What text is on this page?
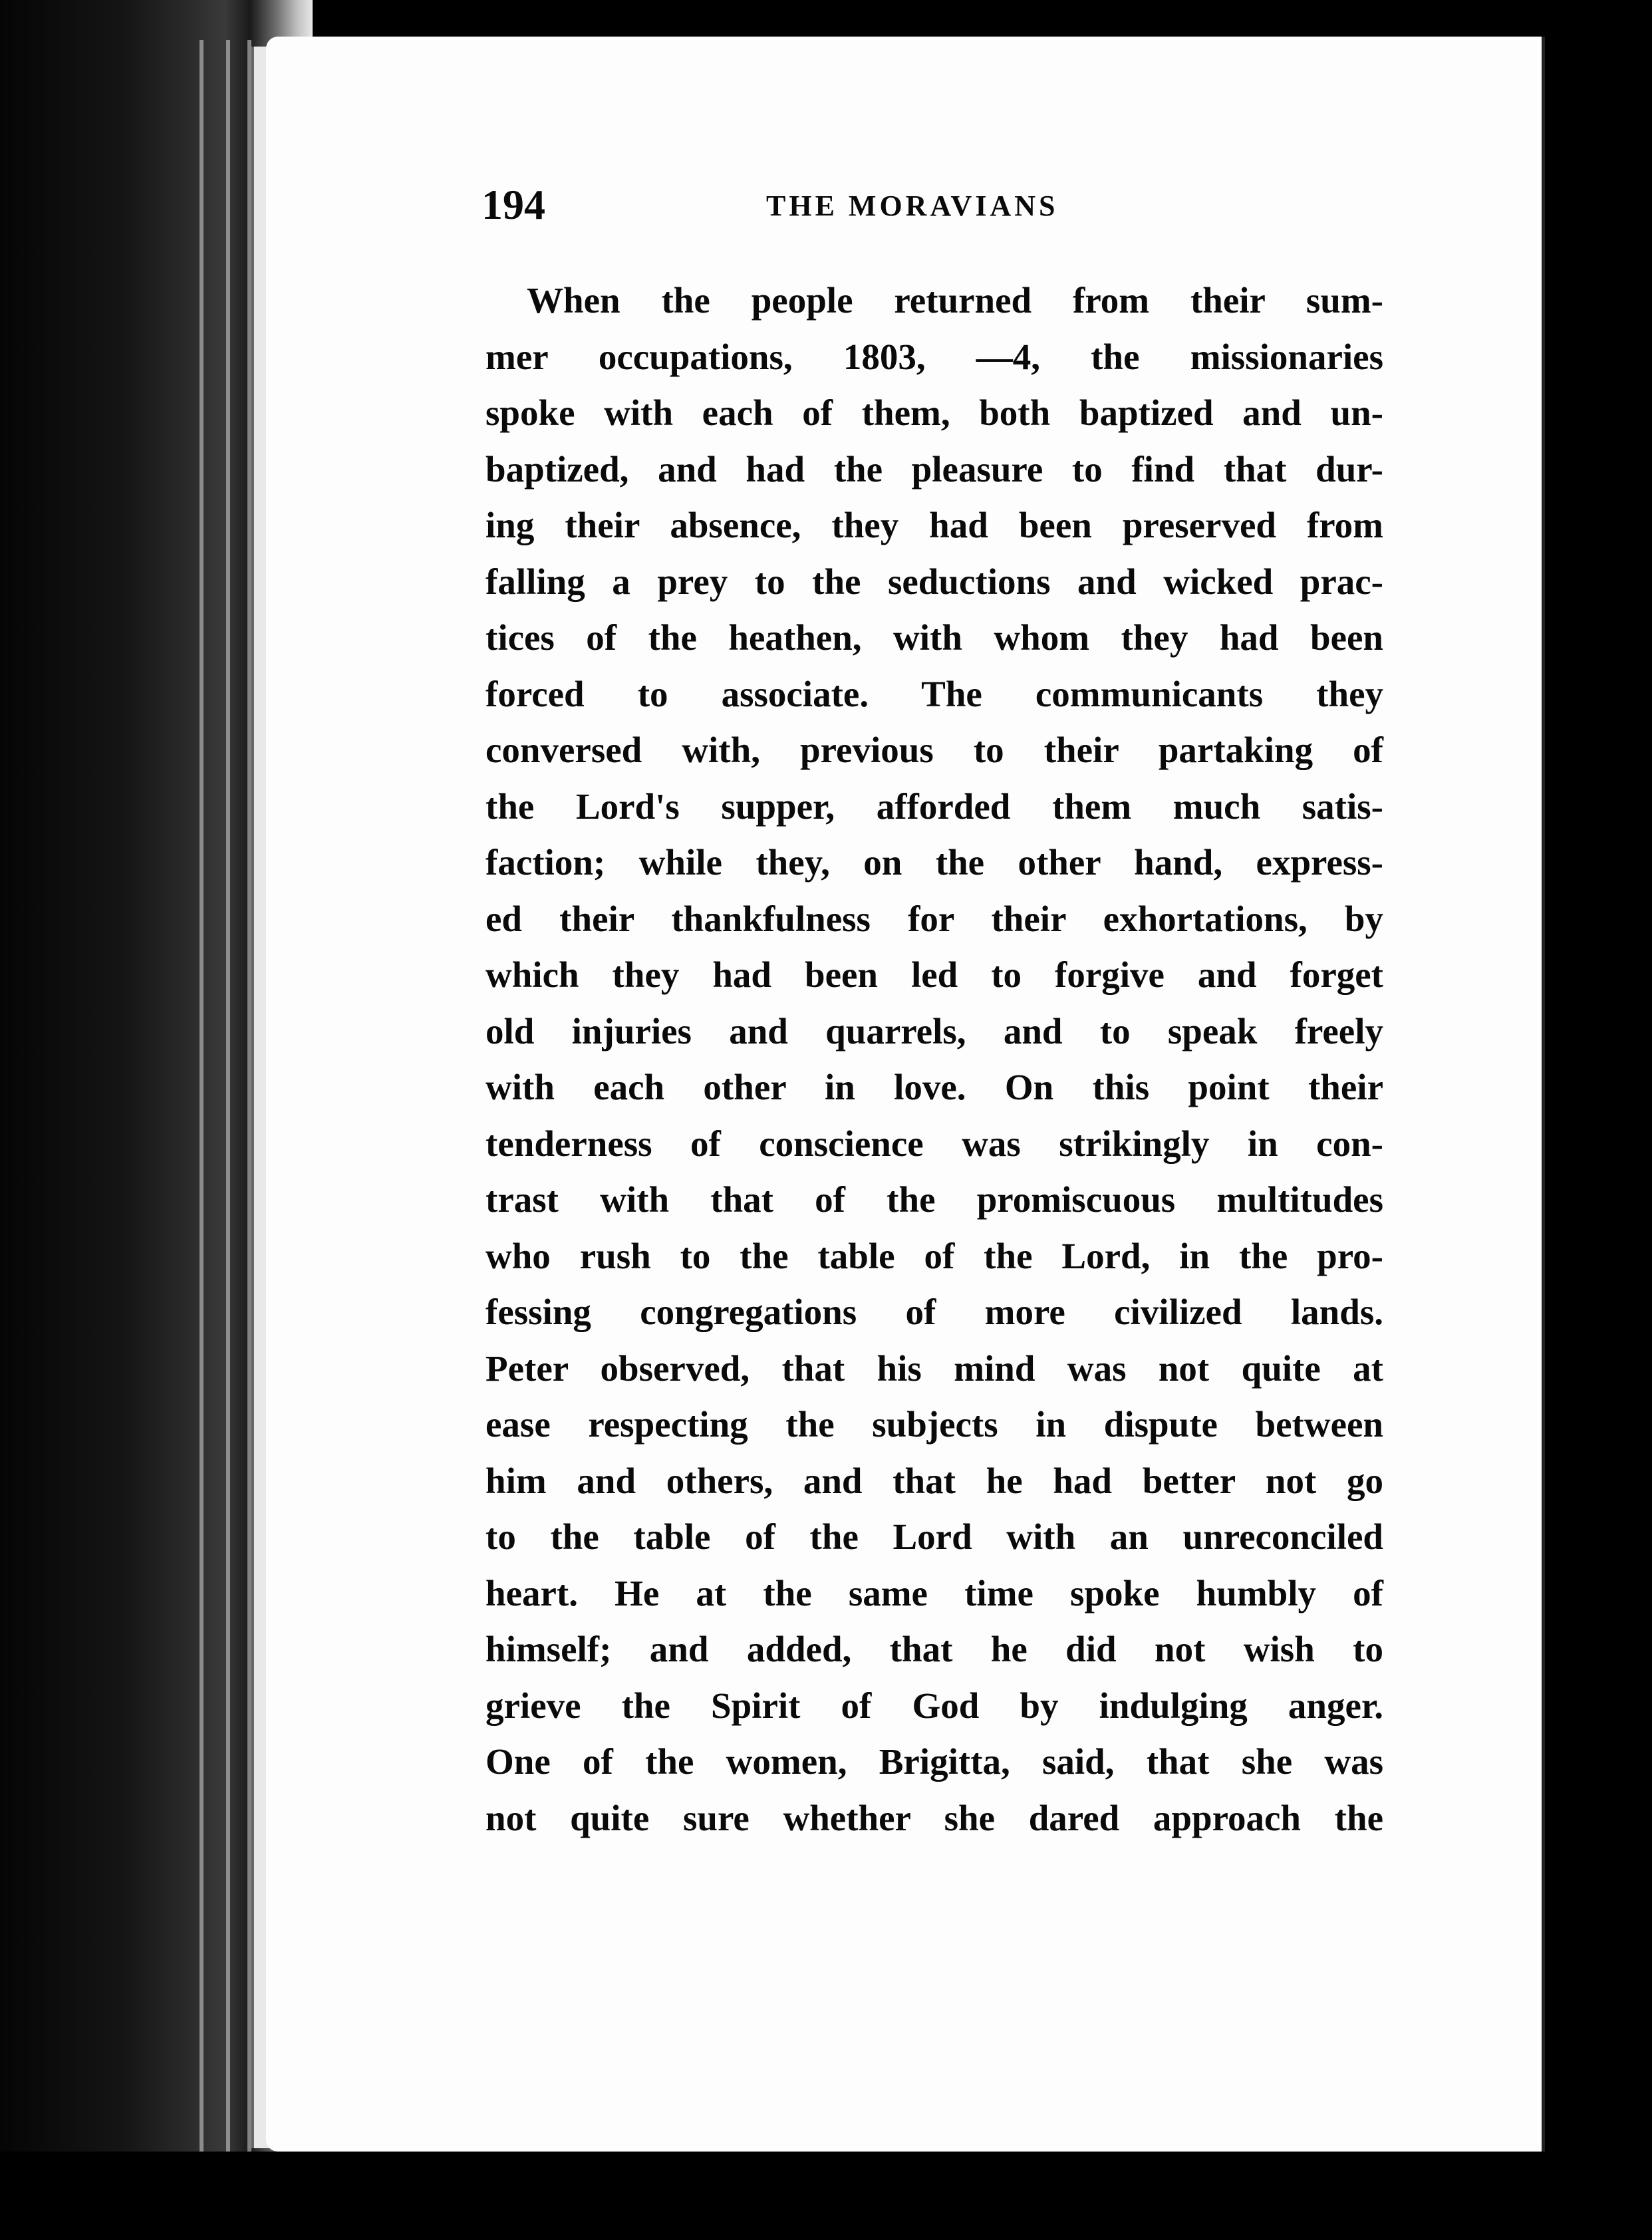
194	THE MORAVIANS
When the people returned from their sum-
mer occupations, 1803, —4, the missionaries
spoke with each of them, both baptized and un-
baptized, and had the pleasure to find that dur-
ing their absence, they had been preserved from
falling a prey to the seductions and wicked prac-
tices of the heathen, with whom they had been
forced to associate. The communicants they
conversed with, previous to their partaking of
the Lord's supper, afforded them much satis-
faction; while they, on the other hand, express-
ed their thankfulness for their exhortations, by
which they had been led to forgive and forget
old injuries and quarrels, and to speak freely
with each other in love. On this point their
tenderness of conscience was strikingly in con-
trast with that of the promiscuous multitudes
who rush to the table of the Lord, in the pro-
fessing congregations of more civilized lands.
Peter observed, that his mind was not quite at
ease respecting the subjects in dispute between
him and others, and that he had better not go
to the table of the Lord with an unreconciled
heart. He at the same time spoke humbly of
himself; and added, that he did not wish to
grieve the Spirit of God by indulging anger.
One of the women, Brigitta, said, that she was
not quite sure whether she dared approach the
